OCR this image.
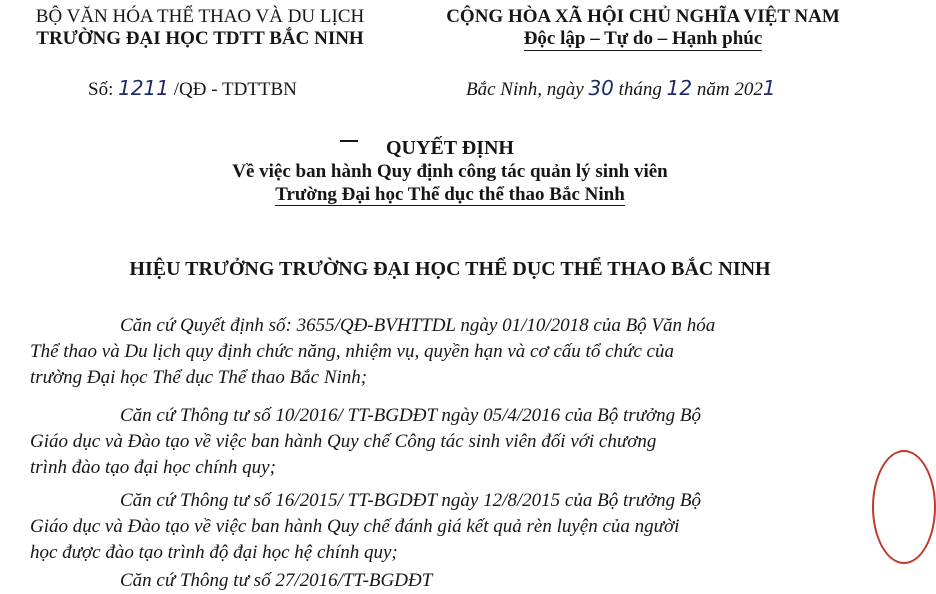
BỘ VĂN HÓA THỂ THAO VÀ DU LỊCH
TRƯỜNG ĐẠI HỌC TDTT BẮC NINH
CỘNG HÒA XÃ HỘI CHỦ NGHĨA VIỆT NAM
Độc lập – Tự do – Hạnh phúc
Số: 1211 /QĐ - TDTTBN	Bắc Ninh, ngày 30 tháng 12 năm 2021
QUYẾT ĐỊNH
Về việc ban hành Quy định công tác quản lý sinh viên
Trường Đại học Thể dục thể thao Bắc Ninh
HIỆU TRƯỞNG TRƯỜNG ĐẠI HỌC THỂ DỤC THỂ THAO BẮC NINH
Căn cứ Quyết định số: 3655/QĐ-BVHTTDL ngày 01/10/2018 của Bộ Văn hóa
Thể thao và Du lịch quy định chức năng, nhiệm vụ, quyền hạn và cơ cấu tổ chức của
trường Đại học Thể dục Thể thao Bắc Ninh;
Căn cứ Thông tư số 10/2016/ TT-BGDĐT ngày 05/4/2016 của Bộ trưởng Bộ
Giáo dục và Đào tạo về việc ban hành Quy chế Công tác sinh viên đối với chương
trình đào tạo đại học chính quy;
Căn cứ Thông tư số 16/2015/ TT-BGDĐT ngày 12/8/2015 của Bộ trưởng Bộ
Giáo dục và Đào tạo về việc ban hành Quy chế đánh giá kết quả rèn luyện của người
học được đào tạo trình độ đại học hệ chính quy;
Căn cứ Thông tư số 27/2016/TT-BGDĐT
